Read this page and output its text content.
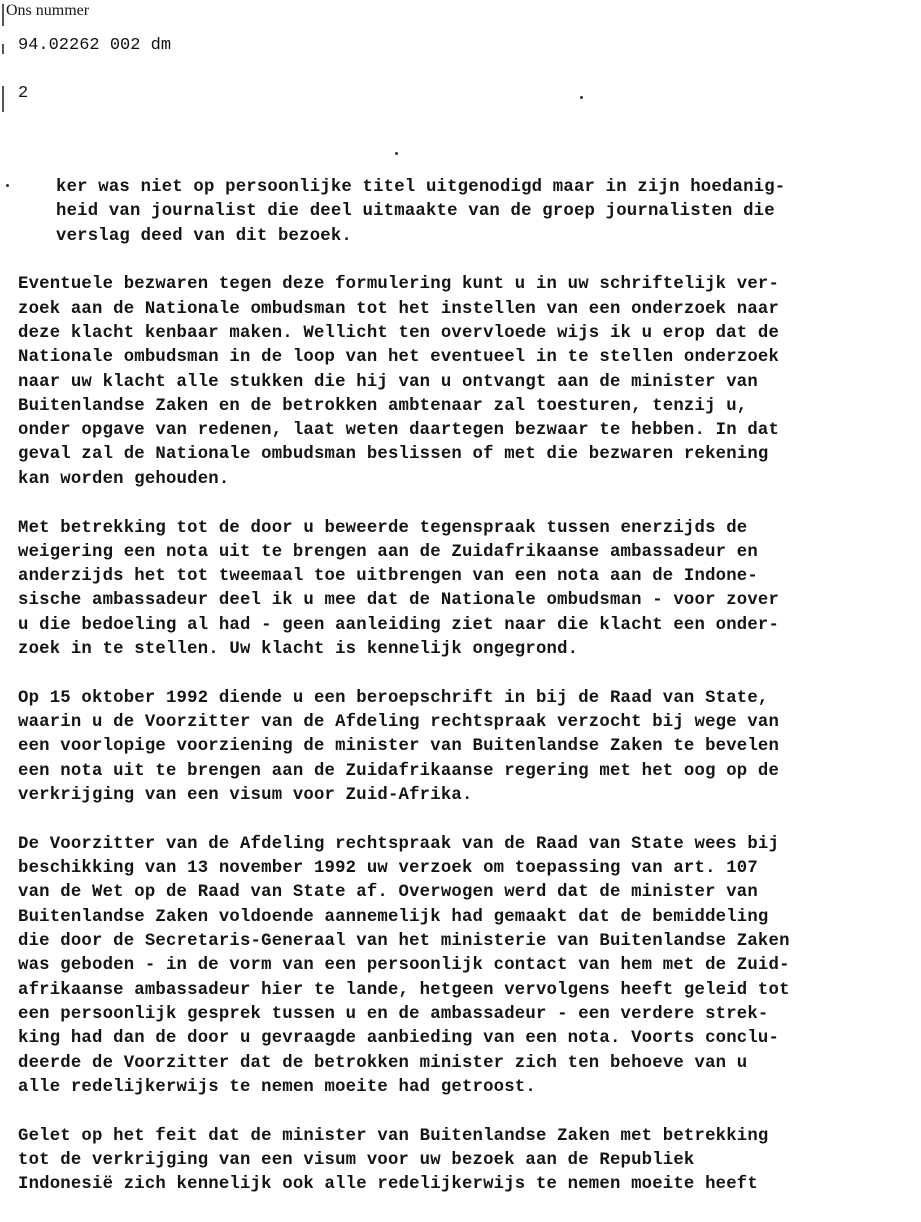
Ons nummer
94.02262 002 dm
2
ker was niet op persoonlijke titel uitgenodigd maar in zijn hoedanig-
heid van journalist die deel uitmaakte van de groep journalisten die
verslag deed van dit bezoek.
Eventuele bezwaren tegen deze formulering kunt u in uw schriftelijk ver-
zoek aan de Nationale ombudsman tot het instellen van een onderzoek naar
deze klacht kenbaar maken. Wellicht ten overvloede wijs ik u erop dat de
Nationale ombudsman in de loop van het eventueel in te stellen onderzoek
naar uw klacht alle stukken die hij van u ontvangt aan de minister van
Buitenlandse Zaken en de betrokken ambtenaar zal toesturen, tenzij u,
onder opgave van redenen, laat weten daartegen bezwaar te hebben. In dat
geval zal de Nationale ombudsman beslissen of met die bezwaren rekening
kan worden gehouden.
Met betrekking tot de door u beweerde tegenspraak tussen enerzijds de
weigering een nota uit te brengen aan de Zuidafrikaanse ambassadeur en
anderzijds het tot tweemaal toe uitbrengen van een nota aan de Indone-
sische ambassadeur deel ik u mee dat de Nationale ombudsman - voor zover
u die bedoeling al had - geen aanleiding ziet naar die klacht een onder-
zoek in te stellen. Uw klacht is kennelijk ongegrond.
Op 15 oktober 1992 diende u een beroepschrift in bij de Raad van State,
waarin u de Voorzitter van de Afdeling rechtspraak verzocht bij wege van
een voorlopige voorziening de minister van Buitenlandse Zaken te bevelen
een nota uit te brengen aan de Zuidafrikaanse regering met het oog op de
verkrijging van een visum voor Zuid-Afrika.
De Voorzitter van de Afdeling rechtspraak van de Raad van State wees bij
beschikking van 13 november 1992 uw verzoek om toepassing van art. 107
van de Wet op de Raad van State af. Overwogen werd dat de minister van
Buitenlandse Zaken voldoende aannemelijk had gemaakt dat de bemiddeling
die door de Secretaris-Generaal van het ministerie van Buitenlandse Zaken
was geboden - in de vorm van een persoonlijk contact van hem met de Zuid-
afrikaanse ambassadeur hier te lande, hetgeen vervolgens heeft geleid tot
een persoonlijk gesprek tussen u en de ambassadeur - een verdere strek-
king had dan de door u gevraagde aanbieding van een nota. Voorts conclu-
deerde de Voorzitter dat de betrokken minister zich ten behoeve van u
alle redelijkerwijs te nemen moeite had getroost.
Gelet op het feit dat de minister van Buitenlandse Zaken met betrekking
tot de verkrijging van een visum voor uw bezoek aan de Republiek
Indonesië zich kennelijk ook alle redelijkerwijs te nemen moeite heeft
